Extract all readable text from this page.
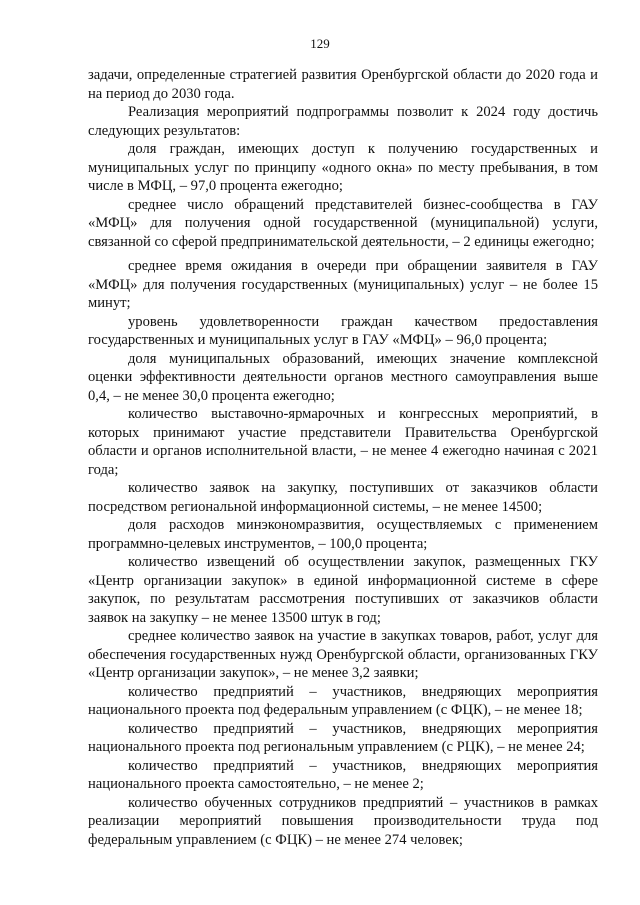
129

задачи, определенные стратегией развития Оренбургской области до 2020 года и на период до 2030 года.

Реализация мероприятий подпрограммы позволит к 2024 году достичь следующих результатов:

доля граждан, имеющих доступ к получению государственных и муниципальных услуг по принципу «одного окна» по месту пребывания, в том числе в МФЦ, – 97,0 процента ежегодно;

среднее число обращений представителей бизнес-сообщества в ГАУ «МФЦ» для получения одной государственной (муниципальной) услуги, связанной со сферой предпринимательской деятельности, – 2 единицы ежегодно;

среднее время ожидания в очереди при обращении заявителя в ГАУ «МФЦ» для получения государственных (муниципальных) услуг – не более 15 минут;

уровень удовлетворенности граждан качеством предоставления государственных и муниципальных услуг в ГАУ «МФЦ» – 96,0 процента;

доля муниципальных образований, имеющих значение комплексной оценки эффективности деятельности органов местного самоуправления выше 0,4, – не менее 30,0 процента ежегодно;

количество выставочно-ярмарочных и конгрессных мероприятий, в которых принимают участие представители Правительства Оренбургской области и органов исполнительной власти, – не менее 4 ежегодно начиная с 2021 года;

количество заявок на закупку, поступивших от заказчиков области посредством региональной информационной системы, – не менее 14500;

доля расходов минэкономразвития, осуществляемых с применением программно-целевых инструментов, – 100,0 процента;

количество извещений об осуществлении закупок, размещенных ГКУ «Центр организации закупок» в единой информационной системе в сфере закупок, по результатам рассмотрения поступивших от заказчиков области заявок на закупку – не менее 13500 штук в год;

среднее количество заявок на участие в закупках товаров, работ, услуг для обеспечения государственных нужд Оренбургской области, организованных ГКУ «Центр организации закупок», – не менее 3,2 заявки;

количество предприятий – участников, внедряющих мероприятия национального проекта под федеральным управлением (с ФЦК), – не менее 18;

количество предприятий – участников, внедряющих мероприятия национального проекта под региональным управлением (с РЦК), – не менее 24;

количество предприятий – участников, внедряющих мероприятия национального проекта самостоятельно, – не менее 2;

количество обученных сотрудников предприятий – участников в рамках реализации мероприятий повышения производительности труда под федеральным управлением (с ФЦК) – не менее 274 человек;
